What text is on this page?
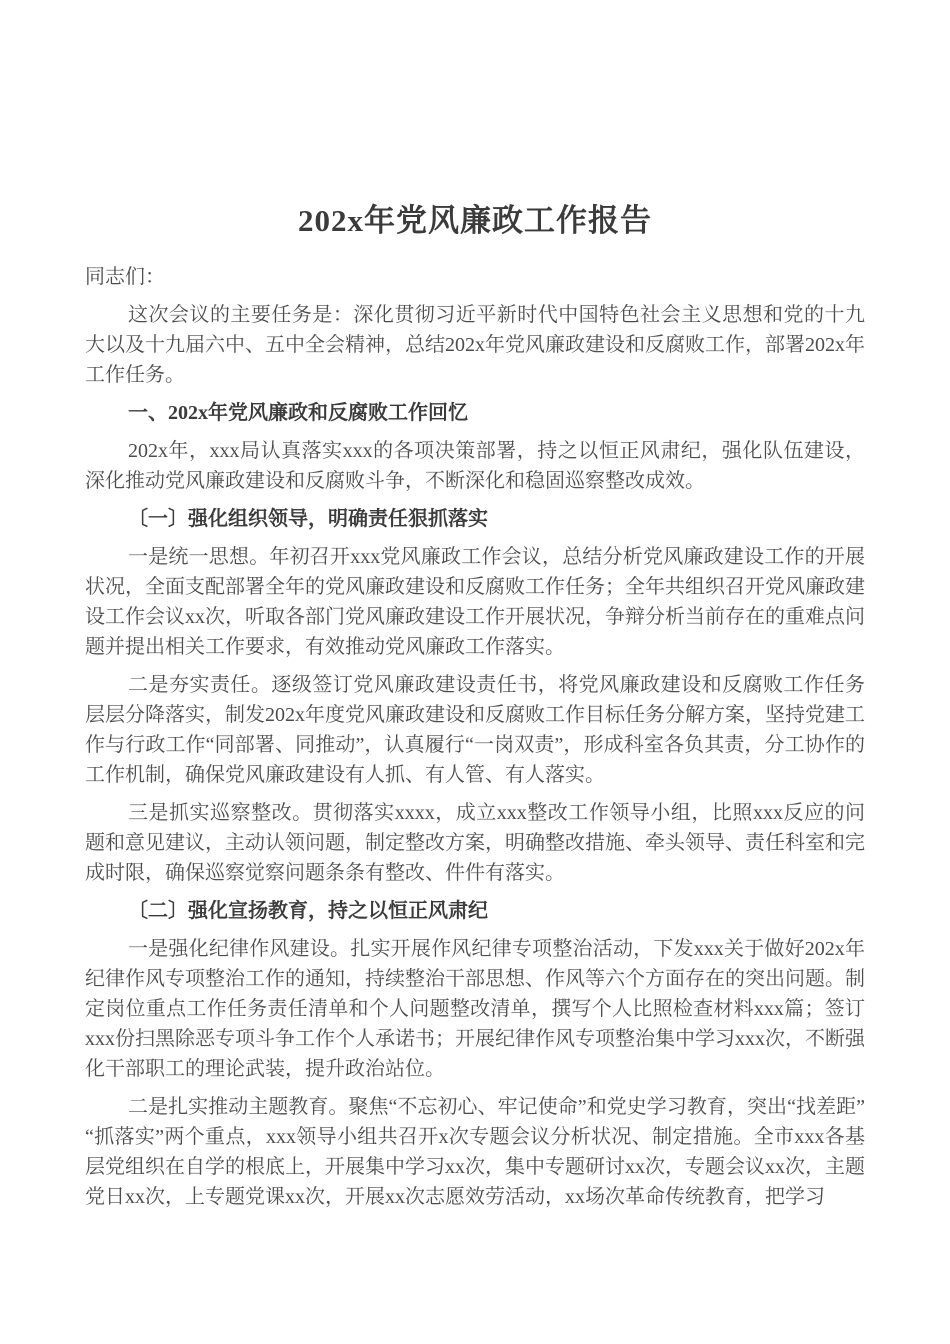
202x年党风廉政工作报告

同志们：

这次会议的主要任务是：深化贯彻习近平新时代中国特色社会主义思想和党的十九大以及十九届六中、五中全会精神，总结202x年党风廉政建设和反腐败工作，部署202x年工作任务。

一、202x年党风廉政和反腐败工作回忆

202x年，xxx局认真落实xxx的各项决策部署，持之以恒正风肃纪，强化队伍建设，深化推动党风廉政建设和反腐败斗争，不断深化和稳固巡察整改成效。

〔一〕强化组织领导，明确责任狠抓落实

一是统一思想。年初召开xxx党风廉政工作会议，总结分析党风廉政建设工作的开展状况，全面支配部署全年的党风廉政建设和反腐败工作任务；全年共组织召开党风廉政建设工作会议xx次，听取各部门党风廉政建设工作开展状况，争辩分析当前存在的重难点问题并提出相关工作要求，有效推动党风廉政工作落实。

二是夯实责任。逐级签订党风廉政建设责任书，将党风廉政建设和反腐败工作任务层层分降落实，制发202x年度党风廉政建设和反腐败工作目标任务分解方案，坚持党建工作与行政工作“同部署、同推动”，认真履行“一岗双责”，形成科室各负其责，分工协作的工作机制，确保党风廉政建设有人抓、有人管、有人落实。

三是抓实巡察整改。贯彻落实xxxx，成立xxx整改工作领导小组，比照xxx反应的问题和意见建议，主动认领问题，制定整改方案，明确整改措施、牵头领导、责任科室和完成时限，确保巡察觉察问题条条有整改、件件有落实。

〔二〕强化宣扬教育，持之以恒正风肃纪

一是强化纪律作风建设。扎实开展作风纪律专项整治活动，下发xxx关于做好202x年纪律作风专项整治工作的通知，持续整治干部思想、作风等六个方面存在的突出问题。制定岗位重点工作任务责任清单和个人问题整改清单，撰写个人比照检查材料xxx篇；签订xxx份扫黑除恶专项斗争工作个人承诺书；开展纪律作风专项整治集中学习xxx次，不断强化干部职工的理论武装，提升政治站位。

二是扎实推动主题教育。聚焦“不忘初心、牢记使命”和党史学习教育，突出“找差距”“抓落实”两个重点，xxx领导小组共召开x次专题会议分析状况、制定措施。全市xxx各基层党组织在自学的根底上，开展集中学习xx次，集中专题研讨xx次，专题会议xx次，主题党日xx次，上专题党课xx次，开展xx次志愿效劳活动，xx场次革命传统教育，把学习
